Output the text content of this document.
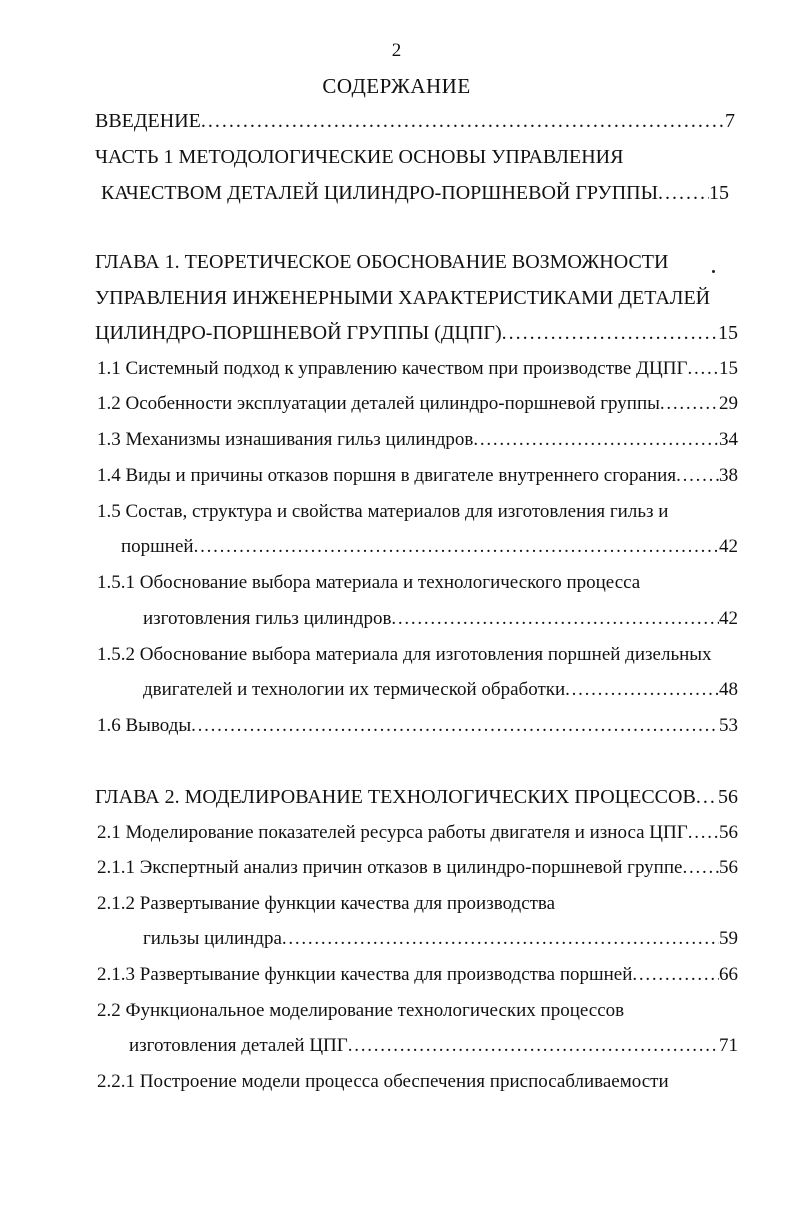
2
СОДЕРЖАНИЕ
ВВЕДЕНИЕ . . .	7
ЧАСТЬ 1 МЕТОДОЛОГИЧЕСКИЕ ОСНОВЫ УПРАВЛЕНИЯ
КАЧЕСТВОМ ДЕТАЛЕЙ ЦИЛИНДРО-ПОРШНЕВОЙ ГРУППЫ . . .	15
ГЛАВА 1. ТЕОРЕТИЧЕСКОЕ ОБОСНОВАНИЕ ВОЗМОЖНОСТИ
УПРАВЛЕНИЯ ИНЖЕНЕРНЫМИ ХАРАКТЕРИСТИКАМИ ДЕТАЛЕЙ
ЦИЛИНДРО-ПОРШНЕВОЙ ГРУППЫ (ДЦПГ) . . .	15
1.1 Системный подход к управлению качеством при производстве ДЦПГ . . . 15
1.2 Особенности эксплуатации деталей цилиндро-поршневой группы . . .	29
1.3 Механизмы изнашивания гильз цилиндров . . .	34
1.4 Виды и причины отказов поршня в двигателе внутреннего сгорания . . . 38
1.5 Состав, структура и свойства материалов для изготовления гильз и
поршней . . .	42
1.5.1 Обоснование выбора материала и технологического процесса
изготовления гильз цилиндров . . .	42
1.5.2 Обоснование выбора материала для изготовления поршней дизельных
двигателей и технологии их термической обработки . . .	48
1.6 Выводы . . .	53
ГЛАВА 2. МОДЕЛИРОВАНИЕ ТЕХНОЛОГИЧЕСКИХ ПРОЦЕССОВ . . . 56
2.1 Моделирование показателей ресурса работы двигателя и износа ЦПГ . . . 56
2.1.1 Экспертный анализ причин отказов в цилиндро-поршневой группе . . . 56
2.1.2 Развертывание функции качества для производства
гильзы цилиндра . . .	59
2.1.3 Развертывание функции качества для производства поршней . . .	66
2.2 Функциональное моделирование технологических процессов
изготовления деталей ЦПГ . . .	71
2.2.1 Построение модели процесса обеспечения приспосабливаемости
